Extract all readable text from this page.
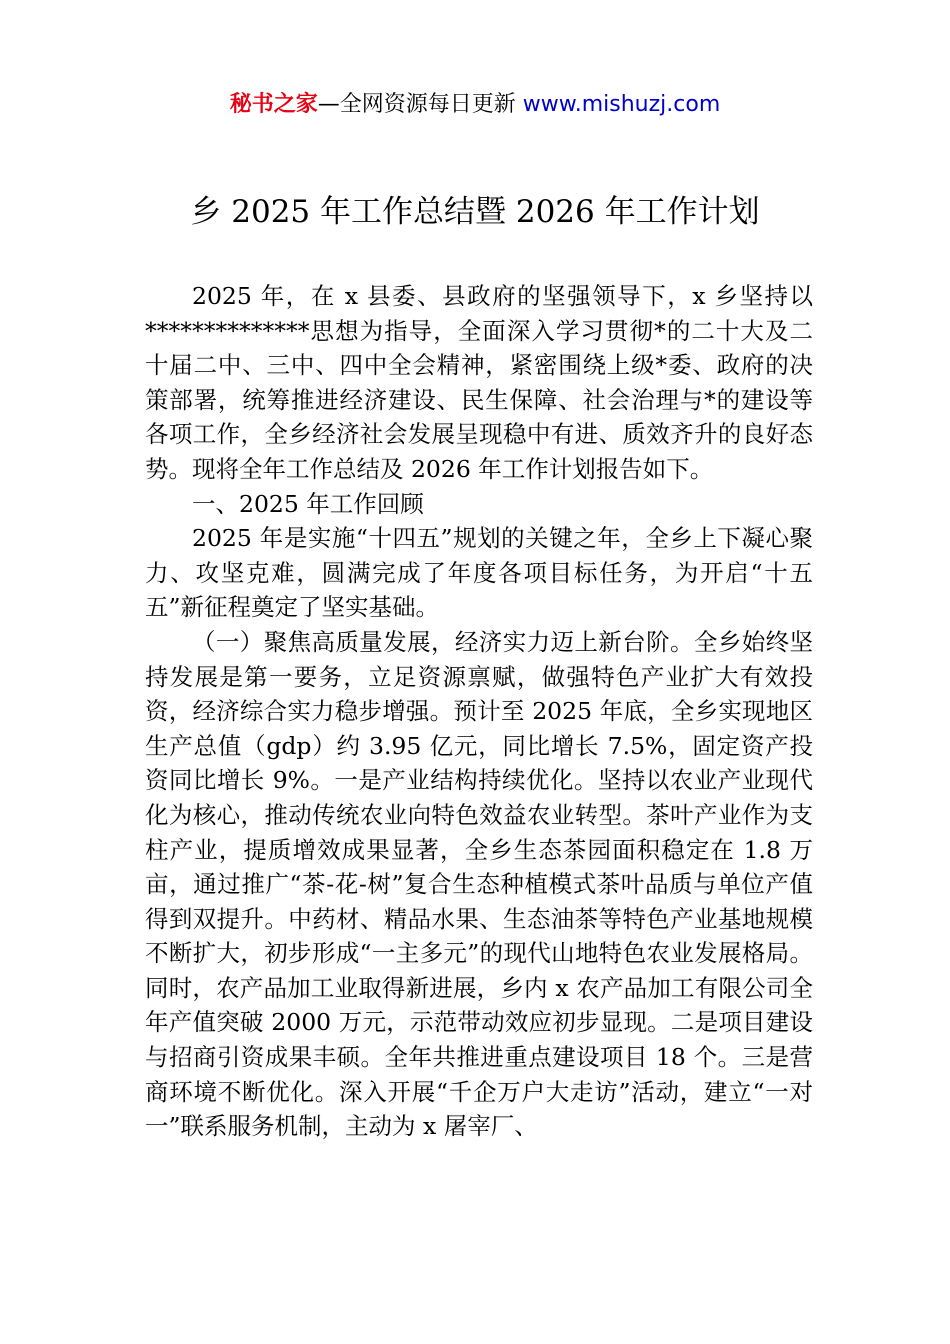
秘书之家—全网资源每日更新 www.mishuzj.com
乡 2025 年工作总结暨 2026 年工作计划

2025 年，在 x 县委、县政府的坚强领导下，x 乡坚持以**************思想为指导，全面深入学习贯彻*的二十大及二十届二中、三中、四中全会精神，紧密围绕上级*委、政府的决策部署，统筹推进经济建设、民生保障、社会治理与*的建设等各项工作，全乡经济社会发展呈现稳中有进、质效齐升的良好态势。现将全年工作总结及 2026 年工作计划报告如下。

一、2025 年工作回顾

2025 年是实施“十四五”规划的关键之年，全乡上下凝心聚力、攻坚克难，圆满完成了年度各项目标任务，为开启“十五五”新征程奠定了坚实基础。

（一）聚焦高质量发展，经济实力迈上新台阶。全乡始终坚持发展是第一要务，立足资源禀赋，做强特色产业扩大有效投资，经济综合实力稳步增强。预计至 2025 年底，全乡实现地区生产总值（gdp）约 3.95 亿元，同比增长 7.5%，固定资产投资同比增长 9%。一是产业结构持续优化。坚持以农业产业现代化为核心，推动传统农业向特色效益农业转型。茶叶产业作为支柱产业，提质增效成果显著，全乡生态茶园面积稳定在 1.8 万亩，通过推广“茶-花-树”复合生态种植模式茶叶品质与单位产值得到双提升。中药材、精品水果、生态油茶等特色产业基地规模不断扩大，初步形成“一主多元”的现代山地特色农业发展格局。同时，农产品加工业取得新进展，乡内 x 农产品加工有限公司全年产值突破 2000 万元，示范带动效应初步显现。二是项目建设与招商引资成果丰硕。全年共推进重点建设项目 18 个。三是营商环境不断优化。深入开展“千企万户大走访”活动，建立“一对一”联系服务机制，主动为 x 屠宰厂、
